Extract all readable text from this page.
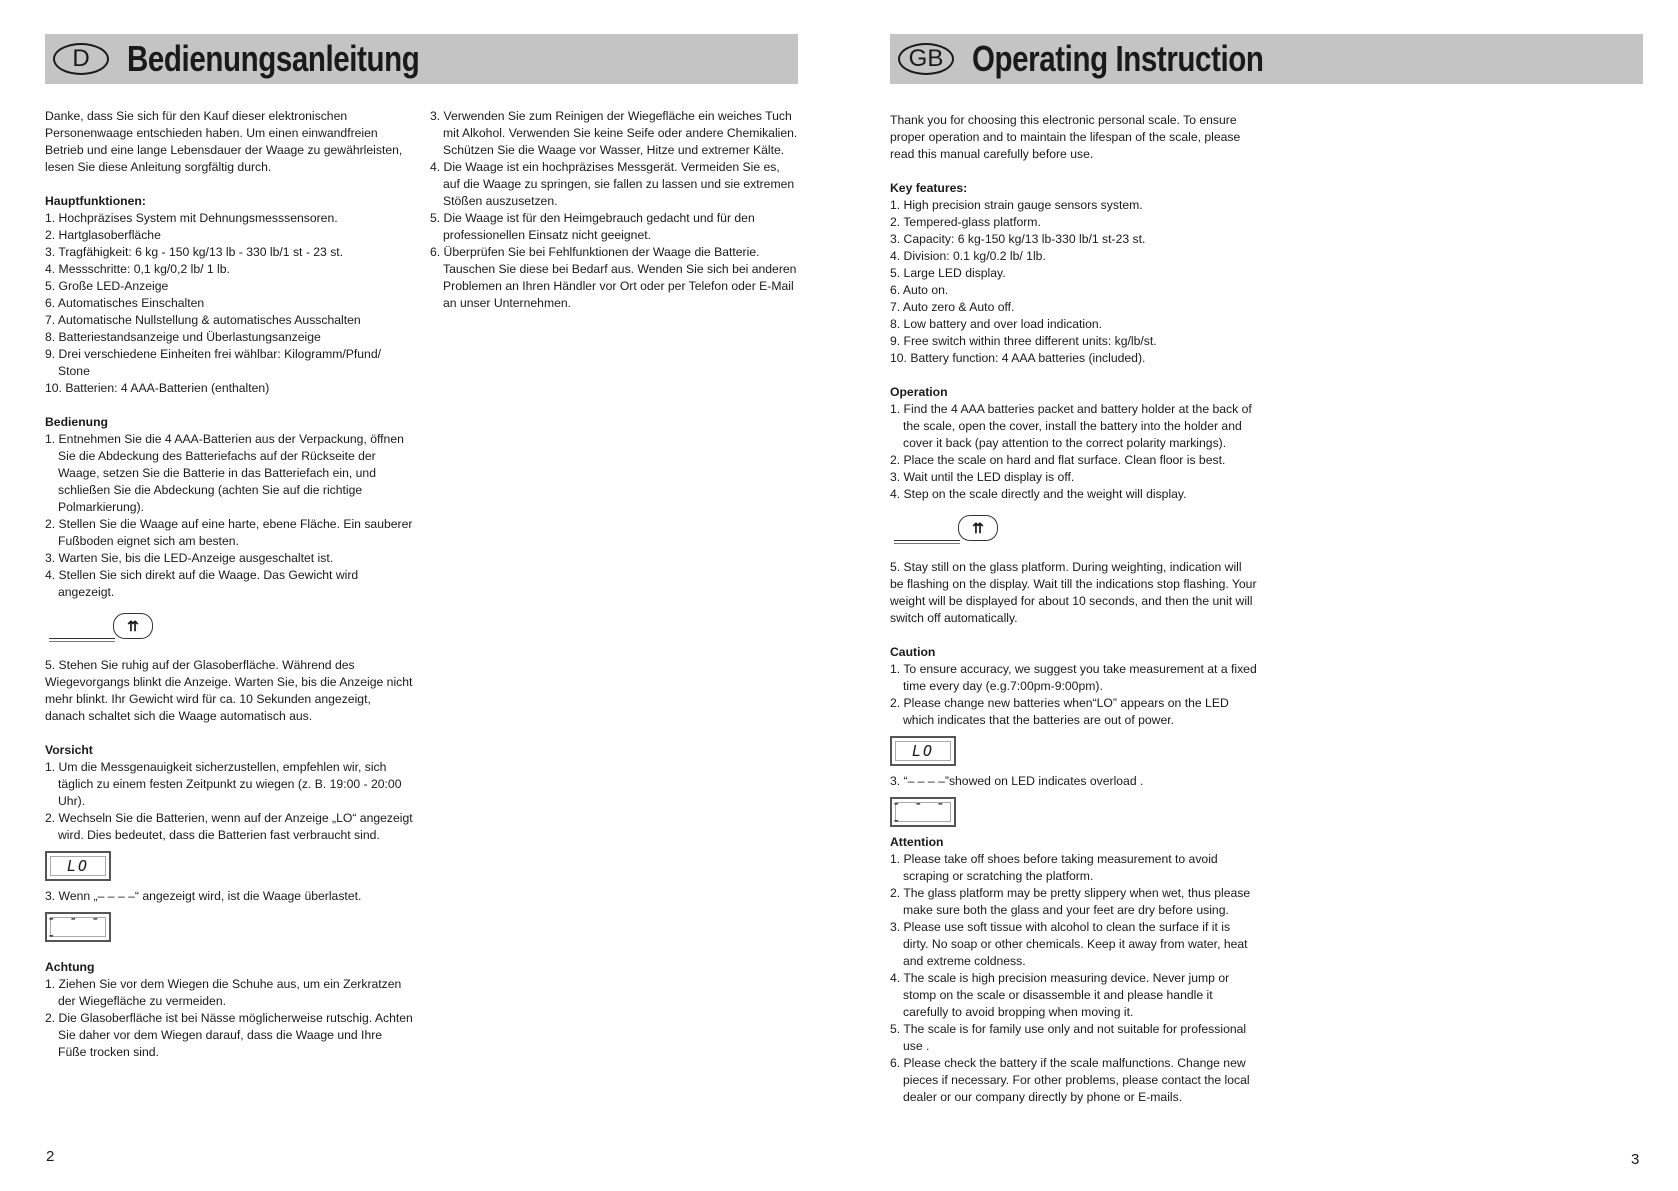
D	Bedienungsanleitung	GB Operating Instruction

Danke, dass Sie sich für den Kauf dieser elektronischen Personenwaage entschieden haben. Um einen einwandfreien Betrieb und eine lange Lebensdauer der Waage zu gewährleisten, lesen Sie diese Anleitung sorgfältig durch.

Hauptfunktionen:

1. Hochpräzises System mit Dehnungsmesssensoren.
2. Hartglasoberfläche
3. Tragfähigkeit: 6 kg - 150 kg/13 lb - 330 lb/1 st - 23 st.
4. Messschritte: 0,1 kg/0,2 lb/ 1 lb.
5. Große LED-Anzeige
6. Automatisches Einschalten
7. Automatische Nullstellung & automatisches Ausschalten
8. Batteriestandsanzeige und Überlastungsanzeige
9. Drei verschiedene Einheiten frei wählbar: Kilogramm/Pfund/ Stone
10. Batterien: 4 AAA-Batterien (enthalten)

Bedienung

1. Entnehmen Sie die 4 AAA-Batterien aus der Verpackung, öffnen Sie die Abdeckung des Batteriefachs auf der Rückseite der Waage, setzen Sie die Batterie in das Batteriefach ein, und schließen Sie die Abdeckung (achten Sie auf die richtige Polmarkierung).
2. Stellen Sie die Waage auf eine harte, ebene Fläche. Ein sauberer Fußboden eignet sich am besten.
3. Warten Sie, bis die LED-Anzeige ausgeschaltet ist.
4. Stellen Sie sich direkt auf die Waage. Das Gewicht wird angezeigt.
⇈

5. Stehen Sie ruhig auf der Glasoberfläche. Während des Wiegevorgangs blinkt die Anzeige. Warten Sie, bis die Anzeige nicht mehr blinkt. Ihr Gewicht wird für ca. 10 Sekunden angezeigt, danach schaltet sich die Waage automatisch aus.

Vorsicht

1. Um die Messgenauigkeit sicherzustellen, empfehlen wir, sich täglich zu einem festen Zeitpunkt zu wiegen (z. B. 19:00 - 20:00 Uhr).
2. Wechseln Sie die Batterien, wenn auf der Anzeige „LO“ angezeigt wird. Dies bedeutet, dass die Batterien fast verbraucht sind.
LO

3. Wenn „– – – –“ angezeigt wird, ist die Waage überlastet.

- - - -

Achtung

1. Ziehen Sie vor dem Wiegen die Schuhe aus, um ein Zerkratzen der Wiegefläche zu vermeiden.
2. Die Glasoberfläche ist bei Nässe möglicherweise rutschig. Achten Sie daher vor dem Wiegen darauf, dass die Waage und Ihre Füße trocken sind.
3. Verwenden Sie zum Reinigen der Wiegefläche ein weiches Tuch mit Alkohol. Verwenden Sie keine Seife oder andere Chemikalien. Schützen Sie die Waage vor Wasser, Hitze und extremer Kälte.
4. Die Waage ist ein hochpräzises Messgerät. Vermeiden Sie es, auf die Waage zu springen, sie fallen zu lassen und sie extremen Stößen auszusetzen.
5. Die Waage ist für den Heimgebrauch gedacht und für den professionellen Einsatz nicht geeignet.
6. Überprüfen Sie bei Fehlfunktionen der Waage die Batterie. Tauschen Sie diese bei Bedarf aus. Wenden Sie sich bei anderen Problemen an Ihren Händler vor Ort oder per Telefon oder E-Mail an unser Unternehmen.

Thank you for choosing this electronic personal scale. To ensure proper operation and to maintain the lifespan of the scale, please read this manual carefully before use.

Key features:

1. High precision strain gauge sensors system.
2. Tempered-glass platform.
3. Capacity: 6 kg-150 kg/13 lb-330 lb/1 st-23 st.
4. Division: 0.1 kg/0.2 lb/ 1lb.
5. Large LED display.
6. Auto on.
7. Auto zero & Auto off.
8. Low battery and over load indication.
9. Free switch within three different units: kg/lb/st.
10. Battery function: 4 AAA batteries (included).

Operation

1. Find the 4 AAA batteries packet and battery holder at the back of the scale, open the cover, install the battery into the holder and cover it back (pay attention to the correct polarity markings).
2. Place the scale on hard and flat surface. Clean floor is best.
3. Wait until the LED display is off.
4. Step on the scale directly and the weight will display.
⇈

5. Stay still on the glass platform. During weighting, indication will be flashing on the display. Wait till the indications stop flashing. Your weight will be displayed for about 10 seconds, and then the unit will switch off automatically.

Caution

1. To ensure accuracy, we suggest you take measurement at a fixed time every day (e.g.7:00pm-9:00pm).
2. Please change new batteries when“LO” appears on the LED which indicates that the batteries are out of power.
LO

3. “– – – –”showed on LED indicates overload .

- - - -

Attention

1. Please take off shoes before taking measurement to avoid scraping or scratching the platform.
2. The glass platform may be pretty slippery when wet, thus please make sure both the glass and your feet are dry before using.
3. Please use soft tissue with alcohol to clean the surface if it is dirty. No soap or other chemicals. Keep it away from water, heat and extreme coldness.
4. The scale is high precision measuring device. Never jump or stomp on the scale or disassemble it and please handle it carefully to avoid bropping when moving it.
5. The scale is for family use only and not suitable for professional use .
6. Please check the battery if the scale malfunctions. Change new pieces if necessary. For other problems, please contact the local dealer or our company directly by phone or E-mails.
2	3
